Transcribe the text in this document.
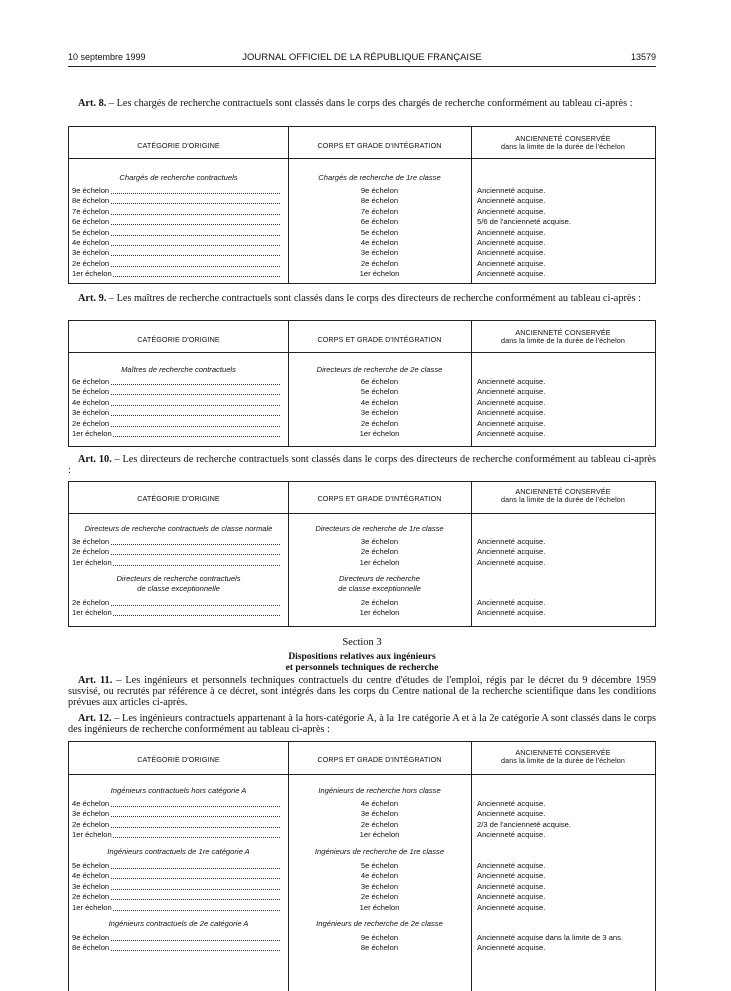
10 septembre 1999	JOURNAL OFFICIEL DE LA RÉPUBLIQUE FRANÇAISE	13579
Art. 8. – Les chargés de recherche contractuels sont classés dans le corps des chargés de recherche conformément au tableau ci-après :
CATÉGORIE D'ORIGINE	CORPS ET GRADE D'INTÉGRATION
ANCIENNETÉ CONSERVÉE
dans la limite de la durée de l'échelon
Chargés de recherche contractuels	Chargés de recherche de 1re classe
9e échelon	9e échelon	Ancienneté acquise.
8e échelon	8e échelon	Ancienneté acquise.
7e échelon	7e échelon	Ancienneté acquise.
6e échelon	6e échelon	5/6 de l'ancienneté acquise.
5e échelon	5e échelon	Ancienneté acquise.
4e échelon	4e échelon	Ancienneté acquise.
3e échelon	3e échelon	Ancienneté acquise.
2e échelon	2e échelon	Ancienneté acquise.
1er échelon	1er échelon	Ancienneté acquise.
Art. 9. – Les maîtres de recherche contractuels sont classés dans le corps des directeurs de recherche conformément au tableau ci-après :
CATÉGORIE D'ORIGINE	CORPS ET GRADE D'INTÉGRATION
ANCIENNETÉ CONSERVÉE
dans la limite de la durée de l'échelon
Maîtres de recherche contractuels	Directeurs de recherche de 2e classe
6e échelon	6e échelon	Ancienneté acquise.
5e échelon	5e échelon	Ancienneté acquise.
4e échelon	4e échelon	Ancienneté acquise.
3e échelon	3e échelon	Ancienneté acquise.
2e échelon	2e échelon	Ancienneté acquise.
1er échelon	1er échelon	Ancienneté acquise.
Art. 10. – Les directeurs de recherche contractuels sont classés dans le corps des directeurs de recherche conformément au tableau ci-après :
CATÉGORIE D'ORIGINE	CORPS ET GRADE D'INTÉGRATION
ANCIENNETÉ CONSERVÉE
dans la limite de la durée de l'échelon
Directeurs de recherche contractuels de classe normale	Directeurs de recherche de 1re classe
3e échelon	3e échelon	Ancienneté acquise.
2e échelon	2e échelon	Ancienneté acquise.
1er échelon	1er échelon	Ancienneté acquise.
Directeurs de recherche contractuels	Directeurs de recherche
de classe exceptionnelle	de classe exceptionnelle
2e échelon	2e échelon	Ancienneté acquise.
1er échelon	1er échelon	Ancienneté acquise.
Section 3
Dispositions relatives aux ingénieurs
et personnels techniques de recherche
Art. 11. – Les ingénieurs et personnels techniques contractuels du centre d'études de l'emploi, régis par le décret du 9 décembre 1959 susvisé, ou recrutés par référence à ce décret, sont intégrés dans les corps du Centre national de la recherche scientifique dans les conditions prévues aux articles ci-après.
Art. 12. – Les ingénieurs contractuels appartenant à la hors-catégorie A, à la 1re catégorie A et à la 2e catégorie A sont classés dans le corps des ingénieurs de recherche conformément au tableau ci-après :
CATÉGORIE D'ORIGINE	CORPS ET GRADE D'INTÉGRATION
ANCIENNETÉ CONSERVÉE
dans la limite de la durée de l'échelon
Ingénieurs contractuels hors catégorie A	Ingénieurs de recherche hors classe
4e échelon	4e échelon	Ancienneté acquise.
3e échelon	3e échelon	Ancienneté acquise.
2e échelon	2e échelon	2/3 de l'ancienneté acquise.
1er échelon	1er échelon	Ancienneté acquise.
Ingénieurs contractuels de 1re catégorie A	Ingénieurs de recherche de 1re classe
5e échelon	5e échelon	Ancienneté acquise.
4e échelon	4e échelon	Ancienneté acquise.
3e échelon	3e échelon	Ancienneté acquise.
2e échelon	2e échelon	Ancienneté acquise.
1er échelon	1er échelon	Ancienneté acquise.
Ingénieurs contractuels de 2e catégorie A	Ingénieurs de recherche de 2e classe
9e échelon	9e échelon	Ancienneté acquise dans la limite de 3 ans.
8e échelon	8e échelon	Ancienneté acquise.
